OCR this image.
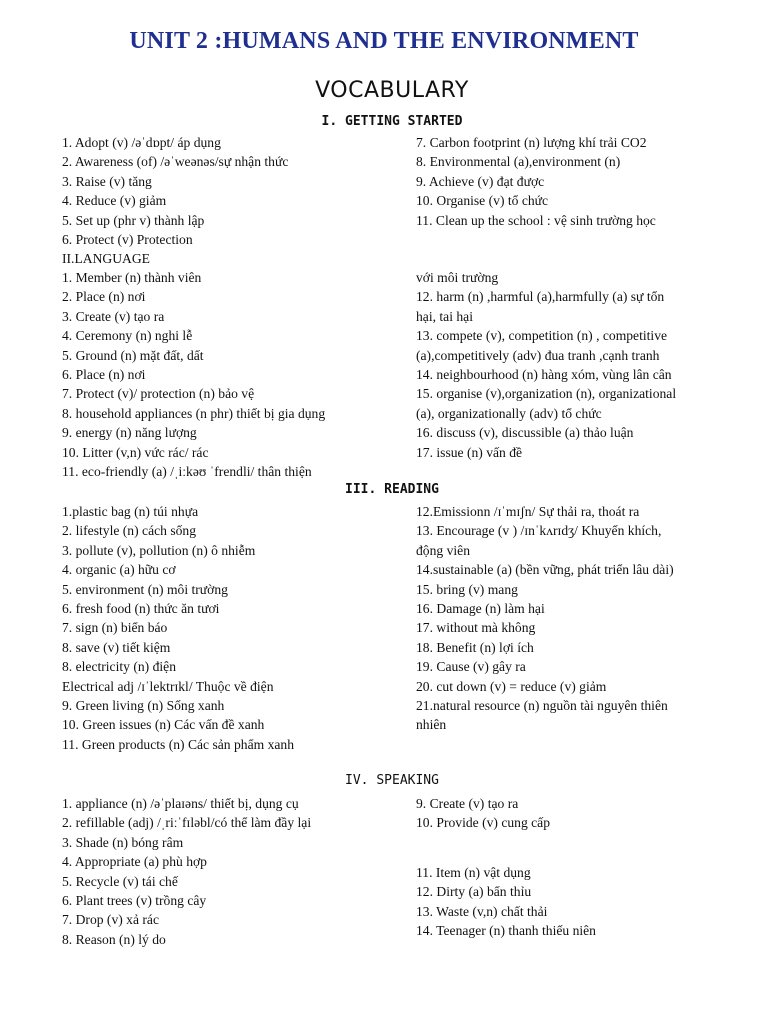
UNIT 2 :HUMANS AND THE ENVIRONMENT
VOCABULARY
I. GETTING STARTED
1. Adopt (v) /əˈdɒpt/ áp dụng
2. Awareness (of) /əˈweənəs/sự nhận thức
3. Raise (v) tăng
4. Reduce (v) giảm
5. Set up (phr v) thành lập
6. Protect (v) Protection
II.LANGUAGE
7. Carbon footprint (n) lượng khí trải CO2
8. Environmental (a),environment (n)
9. Achieve (v) đạt được
10. Organise (v) tổ chức
11. Clean up the school : vệ sinh trường học
1. Member (n) thành viên
2. Place (n) nơi
3. Create (v) tạo ra
4. Ceremony (n) nghi lễ
5. Ground (n) mặt đất, dất
6. Place (n) nơi
7. Protect (v)/ protection (n) bảo vệ
8. household appliances (n phr) thiết bị gia dụng
9. energy (n) năng lượng
10. Litter (v,n) vức rác/ rác
11. eco-friendly (a) /ˌiːkəʊ ˈfrendli/ thân thiện
với môi trường
12. harm (n) ,harmful (a),harmfully (a) sự tổn
hại, tai hại
13. compete (v), competition (n) , competitive
(a),competitively (adv) đua tranh ,cạnh tranh
14. neighbourhood (n) hàng xóm, vùng lân cân
15. organise (v),organization (n), organizational
(a), organizationally (adv) tổ chức
16. discuss (v), discussible (a) thảo luận
17. issue (n) vấn đề
III. READING
1.plastic bag (n) túi nhựa
2. lifestyle (n) cách sống
3. pollute (v), pollution (n) ô nhiễm
4. organic (a) hữu cơ
5. environment (n) môi trường
6. fresh food (n) thức ăn tươi
7. sign (n) biển báo
8. save (v) tiết kiệm
8. electricity (n) điện
Electrical adj /ɪˈlektrɪkl/ Thuộc về điện
9. Green living (n) Sống xanh
10. Green issues (n) Các vấn đề xanh
11. Green products (n) Các sản phẩm xanh
12.Emissionn /ɪˈmɪʃn/ Sự thải ra, thoát ra
13. Encourage (v ) /ɪnˈkʌrɪdʒ/ Khuyến khích,
động viên
14.sustainable (a) (bền vững, phát triển lâu dài)
15. bring (v) mang
16. Damage (n) làm hại
17. without mà không
18. Benefit (n) lợi ích
19. Cause (v) gây ra
20. cut down (v) = reduce (v) giảm
21.natural resource (n) nguồn tài nguyên thiên
nhiên
IV. SPEAKING
1. appliance (n) /əˈplaɪəns/ thiết bị, dụng cụ
2. refillable (adj) /ˌriːˈfɪləbl/có thể làm đầy lại
3. Shade (n) bóng râm
4. Appropriate (a) phù hợp
5. Recycle (v) tái chế
6. Plant trees (v) trồng cây
7. Drop (v) xả rác
8. Reason (n) lý do
9. Create (v) tạo ra
10. Provide (v) cung cấp
11. Item (n) vật dụng
12. Dirty (a) bẩn thỉu
13. Waste (v,n) chất thải
14. Teenager (n) thanh thiếu niên
